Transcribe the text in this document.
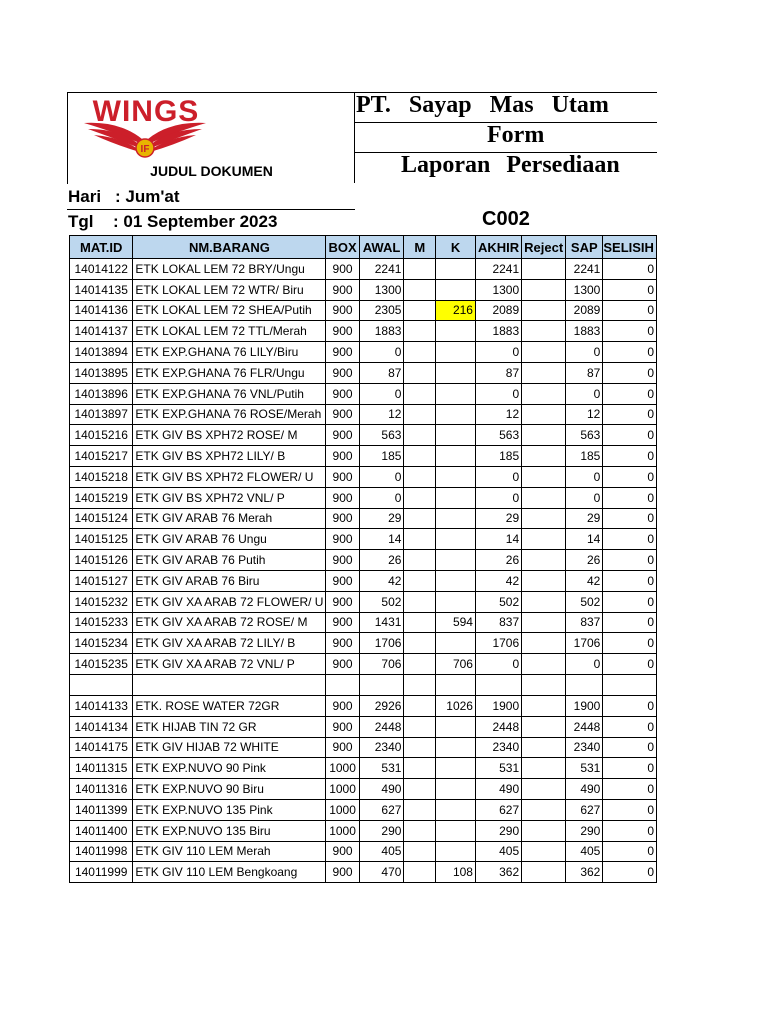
WINGS
IF
JUDUL DOKUMEN
PT. Sayap Mas Utam
Form
Laporan Persediaan
Hari : Jum'at
Tgl : 01 September 2023	C002
MAT.ID	NM.BARANG	BOX	AWAL	M	K	AKHIR	Reject	SAP	SELISIH
14014122	ETK LOKAL LEM 72 BRY/Ungu	900	2241			2241		2241	0
14014135	ETK LOKAL LEM 72 WTR/ Biru	900	1300			1300		1300	0
14014136	ETK LOKAL LEM 72 SHEA/Putih	900	2305		216	2089		2089	0
14014137	ETK LOKAL LEM 72 TTL/Merah	900	1883			1883		1883	0
14013894	ETK EXP.GHANA 76 LILY/Biru	900	0			0		0	0
14013895	ETK EXP.GHANA 76 FLR/Ungu	900	87			87		87	0
14013896	ETK EXP.GHANA 76 VNL/Putih	900	0			0		0	0
14013897	ETK EXP.GHANA 76 ROSE/Merah	900	12			12		12	0
14015216	ETK GIV BS XPH72 ROSE/ M	900	563			563		563	0
14015217	ETK GIV BS XPH72 LILY/ B	900	185			185		185	0
14015218	ETK GIV BS XPH72 FLOWER/ U	900	0			0		0	0
14015219	ETK GIV BS XPH72 VNL/ P	900	0			0		0	0
14015124	ETK GIV ARAB 76 Merah	900	29			29		29	0
14015125	ETK GIV ARAB 76 Ungu	900	14			14		14	0
14015126	ETK GIV ARAB 76 Putih	900	26			26		26	0
14015127	ETK GIV ARAB 76 Biru	900	42			42		42	0
14015232	ETK GIV XA ARAB 72 FLOWER/ U	900	502			502		502	0
14015233	ETK GIV XA ARAB 72 ROSE/ M	900	1431		594	837		837	0
14015234	ETK GIV XA ARAB 72 LILY/ B	900	1706			1706		1706	0
14015235	ETK GIV XA ARAB 72 VNL/ P	900	706		706	0		0	0

14014133	ETK. ROSE WATER 72GR	900	2926		1026	1900		1900	0
14014134	ETK HIJAB TIN 72 GR	900	2448			2448		2448	0
14014175	ETK GIV HIJAB 72 WHITE	900	2340			2340		2340	0
14011315	ETK EXP.NUVO 90 Pink	1000	531			531		531	0
14011316	ETK EXP.NUVO 90 Biru	1000	490			490		490	0
14011399	ETK EXP.NUVO 135 Pink	1000	627			627		627	0
14011400	ETK EXP.NUVO 135 Biru	1000	290			290		290	0
14011998	ETK GIV 110 LEM Merah	900	405			405		405	0
14011999	ETK GIV 110 LEM Bengkoang	900	470		108	362		362	0
